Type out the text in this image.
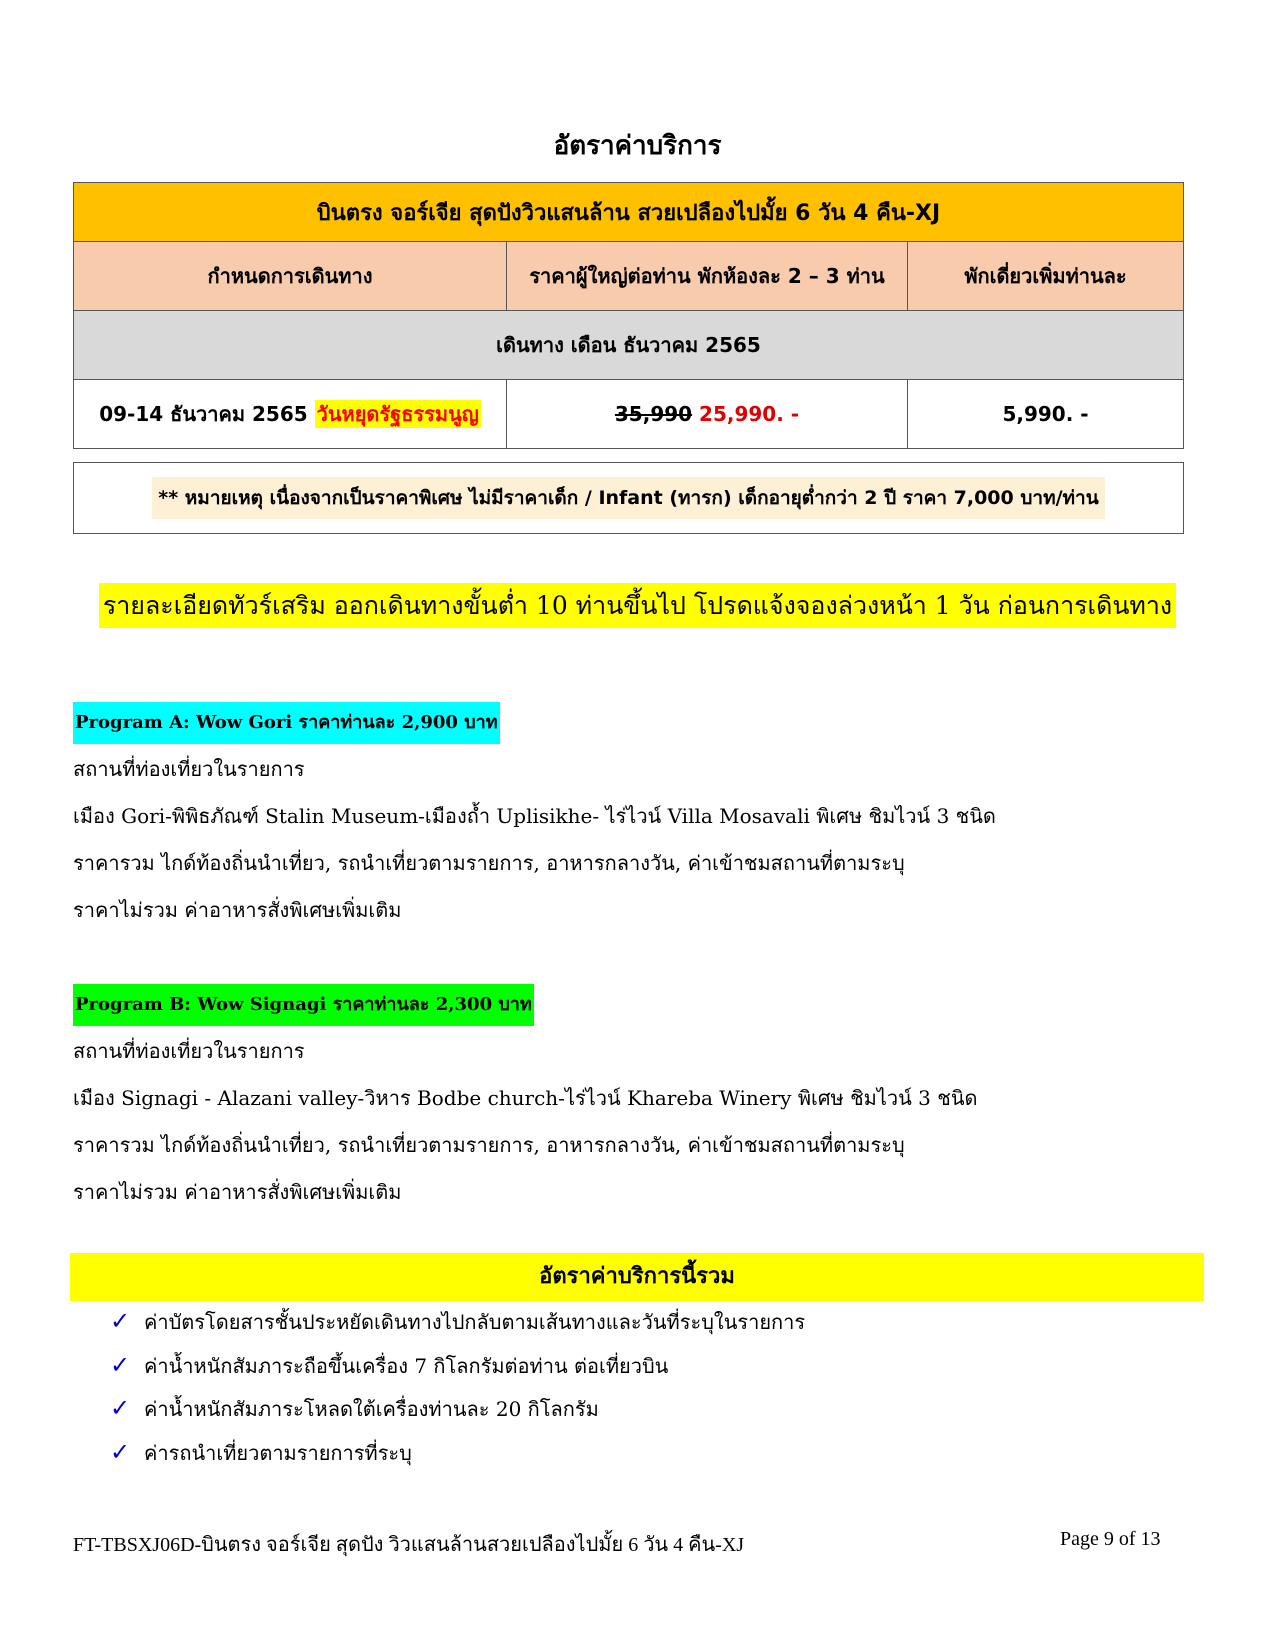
อัตราค่าบริการ
บินตรง จอร์เจีย สุดปังวิวแสนล้าน สวยเปลืองไปมั้ย 6 วัน 4 คืน-XJ		
กำหนดการเดินทาง	ราคาผู้ใหญ่ต่อท่าน พักห้องละ 2 – 3 ท่าน	พักเดี่ยวเพิ่มท่านละ
เดินทาง เดือน ธันวาคม 2565		
09-14 ธันวาคม 2565 วันหยุดรัฐธรรมนูญ	35,990 25,990. -	5,990. -
** หมายเหตุ เนื่องจากเป็นราคาพิเศษ ไม่มีราคาเด็ก / Infant (ทารก) เด็กอายุต่ำกว่า 2 ปี ราคา 7,000 บาท/ท่าน
รายละเอียดทัวร์เสริม ออกเดินทางขั้นต่ำ 10 ท่านขึ้นไป โปรดแจ้งจองล่วงหน้า 1 วัน ก่อนการเดินทาง
Program A: Wow Gori ราคาท่านละ 2,900 บาท
สถานที่ท่องเที่ยวในรายการ
เมือง Gori-พิพิธภัณฑ์ Stalin Museum-เมืองถ้ำ Uplisikhe- ไร่ไวน์ Villa Mosavali พิเศษ ชิมไวน์ 3 ชนิด
ราคารวม ไกด์ท้องถิ่นนำเที่ยว, รถนำเที่ยวตามรายการ, อาหารกลางวัน, ค่าเข้าชมสถานที่ตามระบุ
ราคาไม่รวม ค่าอาหารสั่งพิเศษเพิ่มเติม
Program B: Wow Signagi ราคาท่านละ 2,300 บาท
สถานที่ท่องเที่ยวในรายการ
เมือง Signagi - Alazani valley-วิหาร Bodbe church-ไร่ไวน์ Khareba Winery พิเศษ ชิมไวน์ 3 ชนิด
ราคารวม ไกด์ท้องถิ่นนำเที่ยว, รถนำเที่ยวตามรายการ, อาหารกลางวัน, ค่าเข้าชมสถานที่ตามระบุ
ราคาไม่รวม ค่าอาหารสั่งพิเศษเพิ่มเติม
อัตราค่าบริการนี้รวม
✓ ค่าบัตรโดยสารชั้นประหยัดเดินทางไปกลับตามเส้นทางและวันที่ระบุในรายการ
✓ ค่าน้ำหนักสัมภาระถือขึ้นเครื่อง 7 กิโลกรัมต่อท่าน ต่อเที่ยวบิน
✓ ค่าน้ำหนักสัมภาระโหลดใต้เครื่องท่านละ 20 กิโลกรัม
✓ ค่ารถนำเที่ยวตามรายการที่ระบุ
FT-TBSXJ06D-บินตรง จอร์เจีย สุดปัง วิวแสนล้านสวยเปลืองไปมั้ย 6 วัน 4 คืน-XJ	Page 9 of 13
